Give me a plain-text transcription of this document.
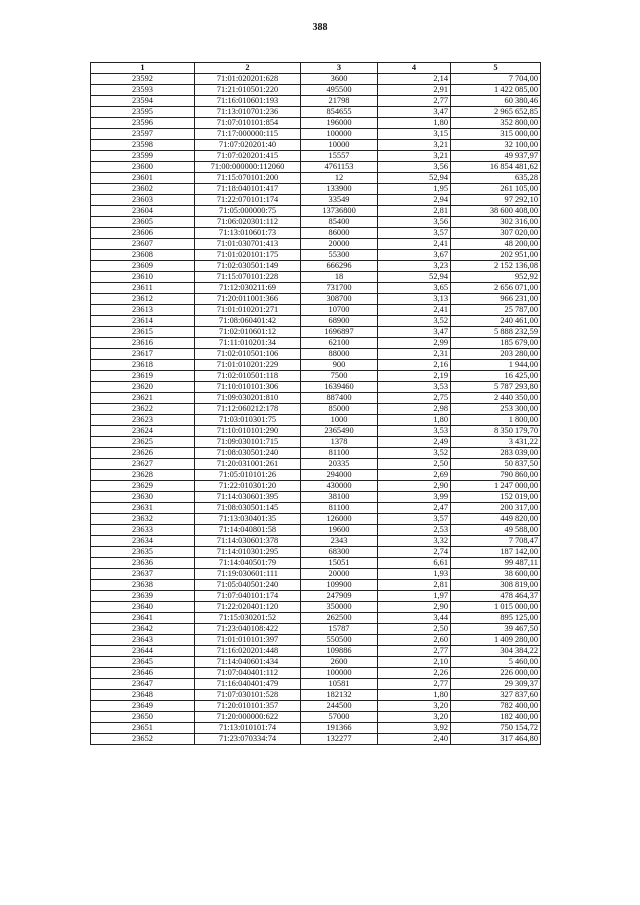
388
1	2	3	4	5
23592	71:01:020201:628	3600	2,14	7 704,00
23593	71:21:010501:220	495500	2,91	1 422 085,00
23594	71:16:010601:193	21798	2,77	60 380,46
23595	71:13:010701:236	854655	3,47	2 965 652,85
23596	71:07:010101:854	196000	1,80	352 800,00
23597	71:17:000000:115	100000	3,15	315 000,00
23598	71:07:020201:40	10000	3,21	32 100,00
23599	71:07:020201:415	15557	3,21	49 937,97
23600	71:00:000000:112060	4761153	3,56	16 854 481,62
23601	71:15:070101:200	12	52,94	635,28
23602	71:18:040101:417	133900	1,95	261 105,00
23603	71:22:070101:174	33549	2,94	97 292,10
23604	71:05:000000:75	13736800	2,81	38 600 408,00
23605	71:06:020301:112	85400	3,56	302 316,00
23606	71:13:010601:73	86000	3,57	307 020,00
23607	71:01:030701:413	20000	2,41	48 200,00
23608	71:01:020101:175	55300	3,67	202 951,00
23609	71:02:030501:149	666296	3,23	2 152 136,08
23610	71:15:070101:228	18	52,94	952,92
23611	71:12:030211:69	731700	3,65	2 656 071,00
23612	71:20:011001:366	308700	3,13	966 231,00
23613	71:01:010201:271	10700	2,41	25 787,00
23614	71:08:060401:42	68900	3,52	240 461,00
23615	71:02:010601:12	1696897	3,47	5 888 232,59
23616	71:11:010201:34	62100	2,99	185 679,00
23617	71:02:010501:106	88000	2,31	203 280,00
23618	71:01:010201:229	900	2,16	1 944,00
23619	71:02:010501:118	7500	2,19	16 425,00
23620	71:10:010101:306	1639460	3,53	5 787 293,80
23621	71:09:030201:810	887400	2,75	2 440 350,00
23622	71:12:060212:178	85000	2,98	253 300,00
23623	71:03:010301:75	1000	1,80	1 800,00
23624	71:10:010101:290	2365490	3,53	8 350 179,70
23625	71:09:030101:715	1378	2,49	3 431,22
23626	71:08:030501:240	81100	3,52	283 039,00
23627	71:20:031001:261	20335	2,50	50 837,50
23628	71:05:010101:26	294000	2,69	790 860,00
23629	71:22:010301:20	430000	2,90	1 247 000,00
23630	71:14:030601:395	38100	3,99	152 019,00
23631	71:08:030501:145	81100	2,47	200 317,00
23632	71:13:030401:35	126000	3,57	449 820,00
23633	71:14:040801:58	19600	2,53	49 588,00
23634	71:14:030601:378	2343	3,32	7 708,47
23635	71:14:010301:295	68300	2,74	187 142,00
23636	71:14:040501:79	15051	6,61	99 487,11
23637	71:19:030601:111	20000	1,93	38 600,00
23638	71:05:040501:240	109900	2,81	308 819,00
23639	71:07:040101:174	247909	1,97	478 464,37
23640	71:22:020401:120	350000	2,90	1 015 000,00
23641	71:15:030201:52	262500	3,44	895 125,00
23642	71:23:040108:422	15787	2,50	39 467,50
23643	71:01:010101:397	550500	2,60	1 409 280,00
23644	71:16:020201:448	109886	2,77	304 384,22
23645	71:14:040601:434	2600	2,10	5 460,00
23646	71:07:040401:112	100000	2,26	226 000,00
23647	71:16:040401:479	10581	2,77	29 309,37
23648	71:07:030101:528	182132	1,80	327 837,60
23649	71:20:010101:357	244500	3,20	782 400,00
23650	71:20:000000:622	57000	3,20	182 400,00
23651	71:13:010101:74	191366	3,92	750 154,72
23652	71:23:070334:74	132277	2,40	317 464,80
